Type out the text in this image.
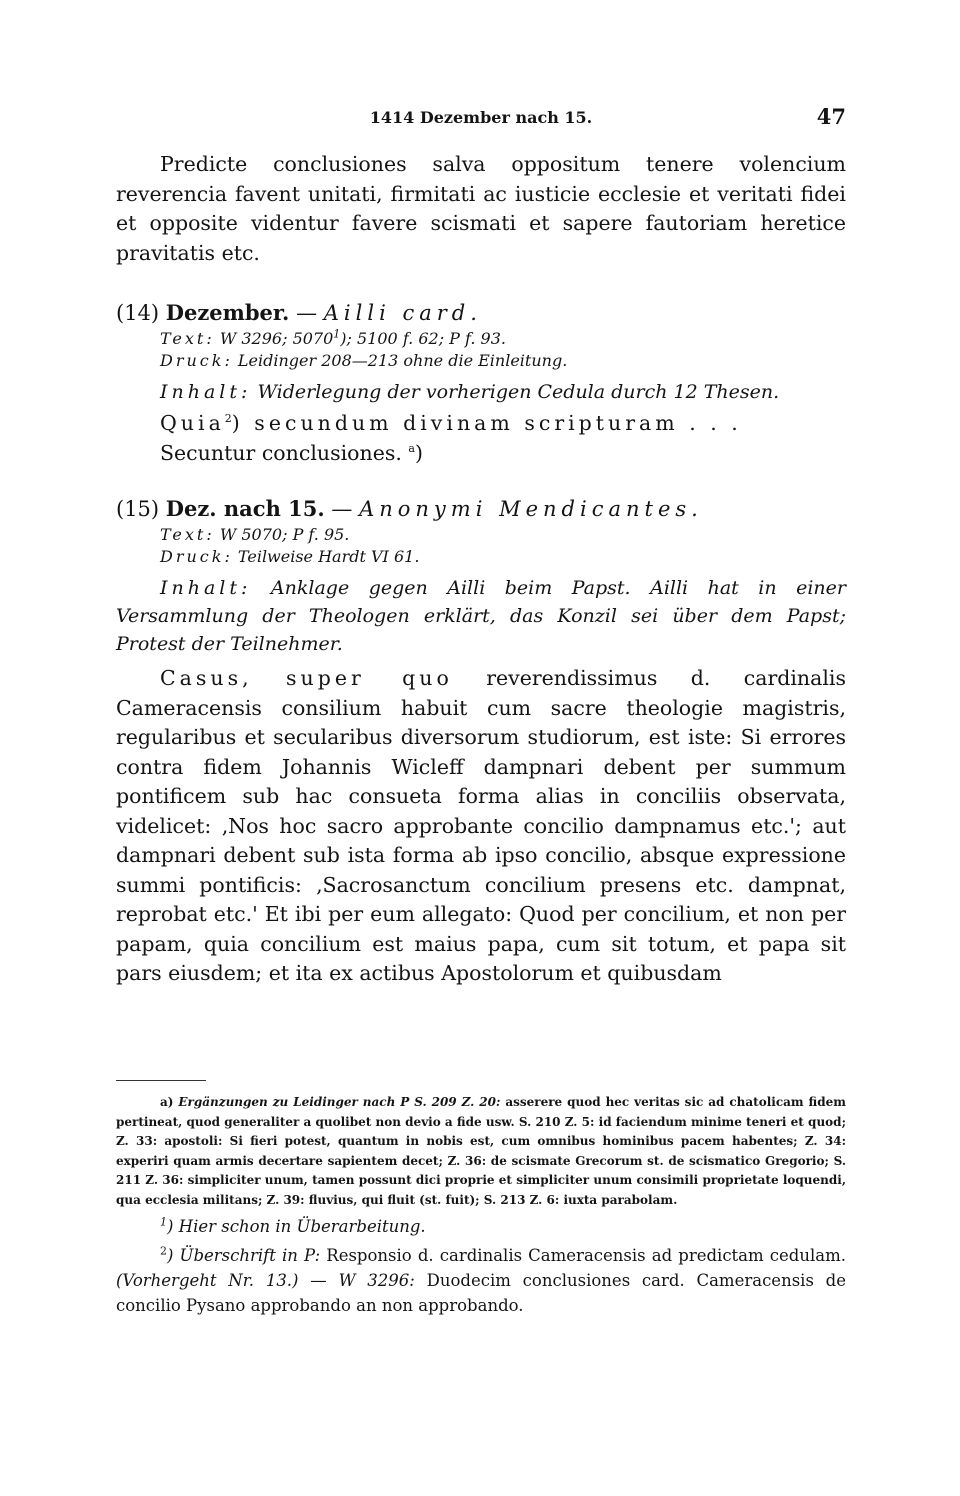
1414 Dezember nach 15.	47

Predicte conclusiones salva oppositum tenere volencium reverencia favent unitati, firmitati ac iusticie ecclesie et veritati fidei et opposite videntur favere scismati et sapere fautoriam heretice pravitatis etc.

(14) Dezember. — Ailli card.

Text: W 3296; 5070$^1$); 5100 f. 62; P f. 93.

Druck: Leidinger 208—213 ohne die Einleitung.

Inhalt: Widerlegung der vorherigen Cedula durch 12 Thesen.

Quia$^2$) secundum divinam scripturam . . .

Secuntur conclusiones. $^a$)

(15) Dez. nach 15. — Anonymi Mendicantes.

Text: W 5070; P f. 95.

Druck: Teilweise Hardt VI 61.

Inhalt: Anklage gegen Ailli beim Papst. Ailli hat in einer Versammlung der Theologen erklärt, das Konzil sei über dem Papst; Protest der Teilnehmer.

Casus, super quo reverendissimus d. cardinalis Cameracensis consilium habuit cum sacre theologie magistris, regularibus et secularibus diversorum studiorum, est iste: Si errores contra fidem Johannis Wicleff dampnari debent per summum pontificem sub hac consueta forma alias in conciliis observata, videlicet: ‚Nos hoc sacro approbante concilio dampnamus etc.'; aut dampnari debent sub ista forma ab ipso concilio, absque expressione summi pontificis: ‚Sacrosanctum concilium presens etc. dampnat, reprobat etc.' Et ibi per eum allegato: Quod per concilium, et non per papam, quia concilium est maius papa, cum sit totum, et papa sit pars eiusdem; et ita ex actibus Apostolorum et quibusdam

a) Ergänzungen zu Leidinger nach P S. 209 Z. 20: asserere quod hec veritas sic ad chatolicam fidem pertineat, quod generaliter a quolibet non devio a fide usw. S. 210 Z. 5: id faciendum minime teneri et quod; Z. 33: apostoli: Si fieri potest, quantum in nobis est, cum omnibus hominibus pacem habentes; Z. 34: experiri quam armis decertare sapientem decet; Z. 36: de scismate Grecorum st. de scismatico Gregorio; S. 211 Z. 36: simpliciter unum, tamen possunt dici proprie et simpliciter unum consimili proprietate loquendi, qua ecclesia militans; Z. 39: fluvius, qui fluit (st. fuit); S. 213 Z. 6: iuxta parabolam.

$^1$) Hier schon in Überarbeitung.

$^2$) Überschrift in P: Responsio d. cardinalis Cameracensis ad predictam cedulam. (Vorhergeht Nr. 13.) — W 3296: Duodecim conclusiones card. Cameracensis de concilio Pysano approbando an non approbando.
